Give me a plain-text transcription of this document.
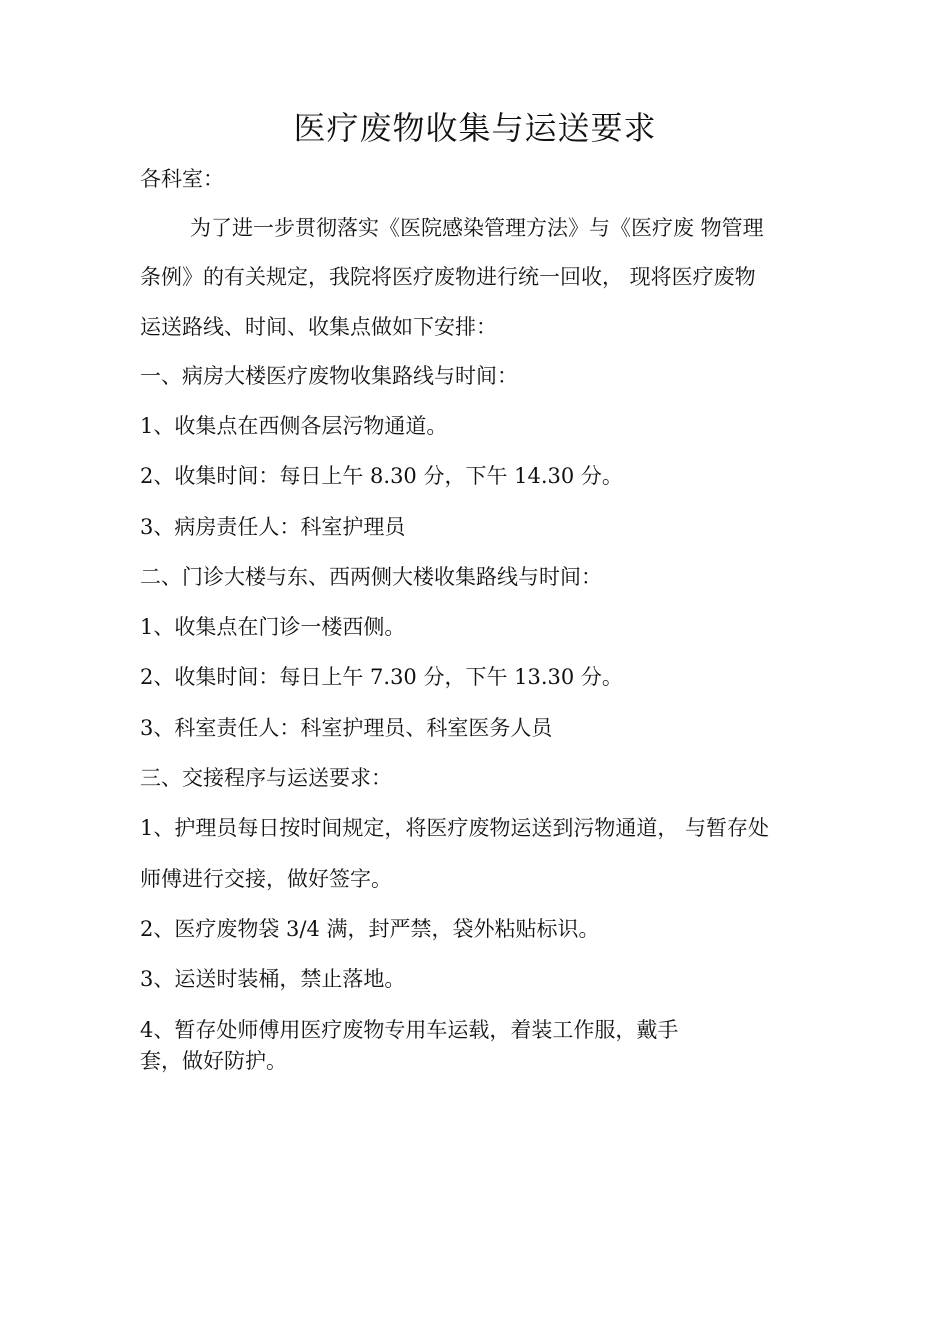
医疗废物收集与运送要求
各科室：
为了进一步贯彻落实《医院感染管理方法》与《医疗废 物管理
条例》的有关规定，我院将医疗废物进行统一回收， 现将医疗废物
运送路线、时间、收集点做如下安排：
一、病房大楼医疗废物收集路线与时间：
1、收集点在西侧各层污物通道。
2、收集时间：每日上午 8.30 分，下午 14.30 分。
3、病房责任人：科室护理员
二、门诊大楼与东、西两侧大楼收集路线与时间：
1、收集点在门诊一楼西侧。
2、收集时间：每日上午 7.30 分，下午 13.30 分。
3、科室责任人：科室护理员、科室医务人员
三、交接程序与运送要求：
1、护理员每日按时间规定，将医疗废物运送到污物通道， 与暂存处
师傅进行交接，做好签字。
2、医疗废物袋 3/4 满，封严禁，袋外粘贴标识。
3、运送时装桶，禁止落地。
4、暂存处师傅用医疗废物专用车运载，着装工作服，戴手
套，做好防护。
